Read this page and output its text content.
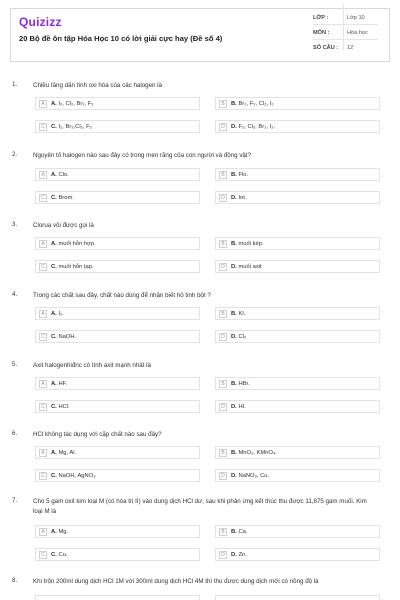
Quizizz
20 Bộ đề ôn tập Hóa Học 10 có lời giải cực hay (Đề số 4)
LỚP :	Lớp 10
MÔN :	Hóa học
SỐ CÂU : 12
1.	Chiều tăng dần tính oxi hóa của các halogen là
A	A. I₂, Cl₂, Br₂, F₂	B	B. Br₂, F₂, Cl₂, I₂
C	C. I₂, Br₂,Cl₂, F₂	D	D. F₂, Cl₂, Br₂, I₂.
2.	Nguyên tố halogen nào sau đây có trong men răng của con người và động vật?
A	A. Clo.	B	B. Flo.
C	C. Brom.	D	D. Iot.
3.	Clorua vôi được gọi là
A	A. muối hỗn hợp.	B	B. muối kép.
C	C. muối hỗn tạp.	D	D. muối axit
4.	Trong các chất sau đây, chất nào dùng để nhận biết hồ tinh bột ?
A	A. I₂.	B	B. KI.
C	C. NaOH.	D	D. Cl₂
5.	Axit halogenhiđric có tính axit mạnh nhất là
A	A. HF.	B	B. HBr.
C	C. HCl.	D	D. HI.
6.	HCl không tác dụng với cặp chất nào sau đây?
A	A. Mg, Al.	B	B. MnO₂, KMnO₄.
C	C. NaOH, AgNO₃	D	D. NaNO₃, Cu.
7.	Cho 5 gam oxit kim loại M (có hóa trị II) vào dung dịch HCl dư, sau khi phản ứng kết thúc thu được 11,875 gam muối. Kim loại M là
A	A. Mg.	B	B. Ca.
C	C. Cu.	D	D. Zn.
8.	Khi trộn 200ml dung dịch HCl 1M với 300ml dung dịch HCl 4M thì thu được dung dịch mới có nồng độ là
